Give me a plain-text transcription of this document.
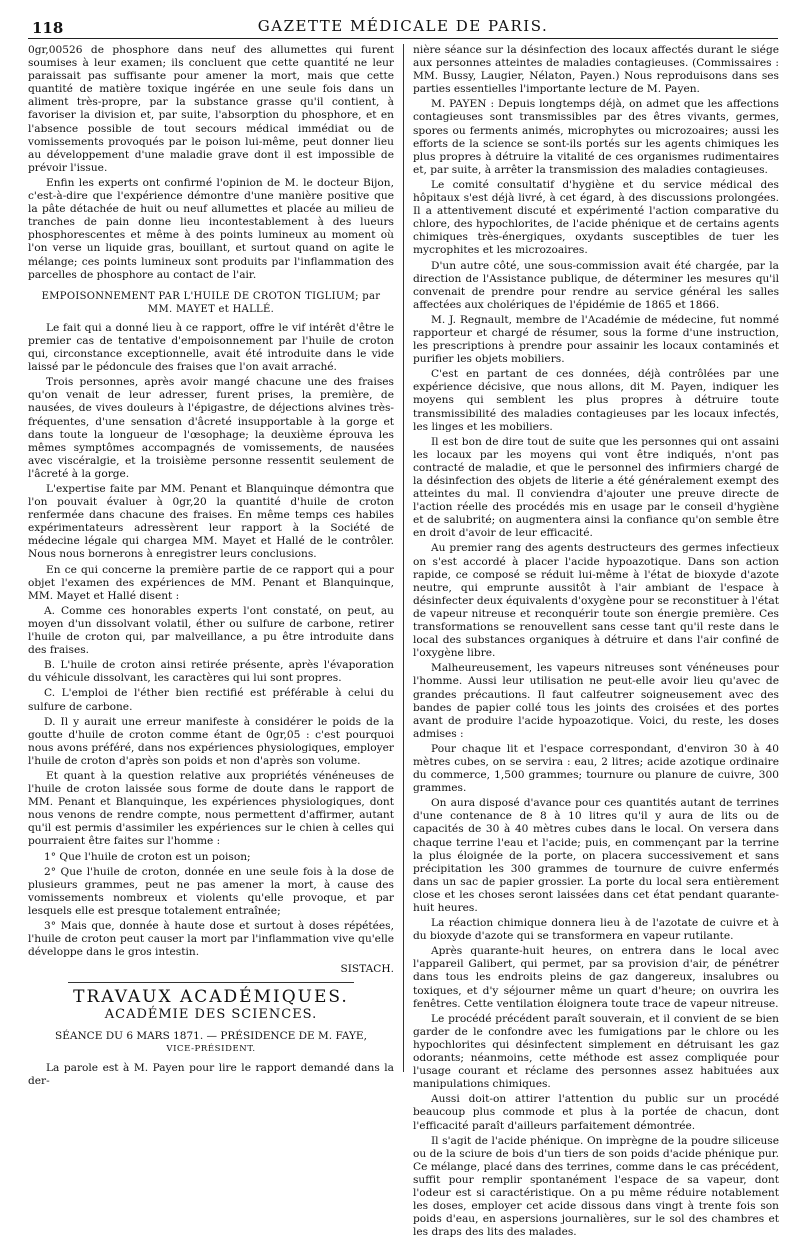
118	GAZETTE MÉDICALE DE PARIS.

0gr,00526 de phosphore dans neuf des allumettes qui furent soumises à leur examen; ils concluent que cette quantité ne leur paraissait pas suffisante pour amener la mort, mais que cette quantité de matière toxique ingérée en une seule fois dans un aliment très-propre, par la substance grasse qu'il contient, à favoriser la division et, par suite, l'absorption du phosphore, et en l'absence possible de tout secours médical immédiat ou de vomissements provoqués par le poison lui-même, peut donner lieu au développement d'une maladie grave dont il est impossible de prévoir l'issue.

Enfin les experts ont confirmé l'opinion de M. le docteur Bijon, c'est-à-dire que l'expérience démontre d'une manière positive que la pâte détachée de huit ou neuf allumettes et placée au milieu de tranches de pain donne lieu incontestablement à des lueurs phosphorescentes et même à des points lumineux au moment où l'on verse un liquide gras, bouillant, et surtout quand on agite le mélange; ces points lumineux sont produits par l'inflammation des parcelles de phosphore au contact de l'air.

EMPOISONNEMENT PAR L'HUILE DE CROTON TIGLIUM; par MM. MAYET et HALLÉ.

Le fait qui a donné lieu à ce rapport, offre le vif intérêt d'être le premier cas de tentative d'empoisonnement par l'huile de croton qui, circonstance exceptionnelle, avait été introduite dans le vide laissé par le pédoncule des fraises que l'on avait arraché.

Trois personnes, après avoir mangé chacune une des fraises qu'on venait de leur adresser, furent prises, la première, de nausées, de vives douleurs à l'épigastre, de déjections alvines très-fréquentes, d'une sensation d'âcreté insupportable à la gorge et dans toute la longueur de l'œsophage; la deuxième éprouva les mêmes symptômes accompagnés de vomissements, de nausées avec viscéralgie, et la troisième personne ressentit seulement de l'âcreté à la gorge.

L'expertise faite par MM. Penant et Blanquinque démontra que l'on pouvait évaluer à 0gr,20 la quantité d'huile de croton renfermée dans chacune des fraises. En même temps ces habiles expérimentateurs adressèrent leur rapport à la Société de médecine légale qui chargea MM. Mayet et Hallé de le contrôler. Nous nous bornerons à enregistrer leurs conclusions.

En ce qui concerne la première partie de ce rapport qui a pour objet l'examen des expériences de MM. Penant et Blanquinque, MM. Mayet et Hallé disent :

A. Comme ces honorables experts l'ont constaté, on peut, au moyen d'un dissolvant volatil, éther ou sulfure de carbone, retirer l'huile de croton qui, par malveillance, a pu être introduite dans des fraises.

B. L'huile de croton ainsi retirée présente, après l'évaporation du véhicule dissolvant, les caractères qui lui sont propres.

C. L'emploi de l'éther bien rectifié est préférable à celui du sulfure de carbone.

D. Il y aurait une erreur manifeste à considérer le poids de la goutte d'huile de croton comme étant de 0gr,05 : c'est pourquoi nous avons préféré, dans nos expériences physiologiques, employer l'huile de croton d'après son poids et non d'après son volume.

Et quant à la question relative aux propriétés vénéneuses de l'huile de croton laissée sous forme de doute dans le rapport de MM. Penant et Blanquinque, les expériences physiologiques, dont nous venons de rendre compte, nous permettent d'affirmer, autant qu'il est permis d'assimiler les expériences sur le chien à celles qui pourraient être faites sur l'homme :

1° Que l'huile de croton est un poison;

2° Que l'huile de croton, donnée en une seule fois à la dose de plusieurs grammes, peut ne pas amener la mort, à cause des vomissements nombreux et violents qu'elle provoque, et par lesquels elle est presque totalement entraînée;

3° Mais que, donnée à haute dose et surtout à doses répétées, l'huile de croton peut causer la mort par l'inflammation vive qu'elle développe dans le gros intestin.

SISTACH.
TRAVAUX ACADÉMIQUES.
ACADÉMIE DES SCIENCES.
SÉANCE DU 6 MARS 1871. — PRÉSIDENCE DE M. FAYE,
VICE-PRÉSIDENT.

La parole est à M. Payen pour lire le rapport demandé dans la der-

nière séance sur la désinfection des locaux affectés durant le siége aux personnes atteintes de maladies contagieuses. (Commissaires : MM. Bussy, Laugier, Nélaton, Payen.) Nous reproduisons dans ses parties essentielles l'importante lecture de M. Payen.

M. PAYEN : Depuis longtemps déjà, on admet que les affections contagieuses sont transmissibles par des êtres vivants, germes, spores ou ferments animés, microphytes ou microzoaires; aussi les efforts de la science se sont-ils portés sur les agents chimiques les plus propres à détruire la vitalité de ces organismes rudimentaires et, par suite, à arrêter la transmission des maladies contagieuses.

Le comité consultatif d'hygiène et du service médical des hôpitaux s'est déjà livré, à cet égard, à des discussions prolongées. Il a attentivement discuté et expérimenté l'action comparative du chlore, des hypochlorites, de l'acide phénique et de certains agents chimiques très-énergiques, oxydants susceptibles de tuer les mycrophites et les microzoaires.

D'un autre côté, une sous-commission avait été chargée, par la direction de l'Assistance publique, de déterminer les mesures qu'il convenait de prendre pour rendre au service général les salles affectées aux cholériques de l'épidémie de 1865 et 1866.

M. J. Regnault, membre de l'Académie de médecine, fut nommé rapporteur et chargé de résumer, sous la forme d'une instruction, les prescriptions à prendre pour assainir les locaux contaminés et purifier les objets mobiliers.

C'est en partant de ces données, déjà contrôlées par une expérience décisive, que nous allons, dit M. Payen, indiquer les moyens qui semblent les plus propres à détruire toute transmissibilité des maladies contagieuses par les locaux infectés, les linges et les mobiliers.

Il est bon de dire tout de suite que les personnes qui ont assaini les locaux par les moyens qui vont être indiqués, n'ont pas contracté de maladie, et que le personnel des infirmiers chargé de la désinfection des objets de literie a été généralement exempt des atteintes du mal. Il conviendra d'ajouter une preuve directe de l'action réelle des procédés mis en usage par le conseil d'hygiène et de salubrité; on augmentera ainsi la confiance qu'on semble être en droit d'avoir de leur efficacité.

Au premier rang des agents destructeurs des germes infectieux on s'est accordé à placer l'acide hypoazotique. Dans son action rapide, ce composé se réduit lui-même à l'état de bioxyde d'azote neutre, qui emprunte aussitôt à l'air ambiant de l'espace à désinfecter deux équivalents d'oxygène pour se reconstituer à l'état de vapeur nitreuse et reconquérir toute son énergie première. Ces transformations se renouvellent sans cesse tant qu'il reste dans le local des substances organiques à détruire et dans l'air confiné de l'oxygène libre.

Malheureusement, les vapeurs nitreuses sont vénéneuses pour l'homme. Aussi leur utilisation ne peut-elle avoir lieu qu'avec de grandes précautions. Il faut calfeutrer soigneusement avec des bandes de papier collé tous les joints des croisées et des portes avant de produire l'acide hypoazotique. Voici, du reste, les doses admises :

Pour chaque lit et l'espace correspondant, d'environ 30 à 40 mètres cubes, on se servira : eau, 2 litres; acide azotique ordinaire du commerce, 1,500 grammes; tournure ou planure de cuivre, 300 grammes.

On aura disposé d'avance pour ces quantités autant de terrines d'une contenance de 8 à 10 litres qu'il y aura de lits ou de capacités de 30 à 40 mètres cubes dans le local. On versera dans chaque terrine l'eau et l'acide; puis, en commençant par la terrine la plus éloignée de la porte, on placera successivement et sans précipitation les 300 grammes de tournure de cuivre enfermés dans un sac de papier grossier. La porte du local sera entièrement close et les choses seront laissées dans cet état pendant quarante-huit heures.

La réaction chimique donnera lieu à de l'azotate de cuivre et à du bioxyde d'azote qui se transformera en vapeur rutilante.

Après quarante-huit heures, on entrera dans le local avec l'appareil Galibert, qui permet, par sa provision d'air, de pénétrer dans tous les endroits pleins de gaz dangereux, insalubres ou toxiques, et d'y séjourner même un quart d'heure; on ouvrira les fenêtres. Cette ventilation éloignera toute trace de vapeur nitreuse.

Le procédé précédent paraît souverain, et il convient de se bien garder de le confondre avec les fumigations par le chlore ou les hypochlorites qui désinfectent simplement en détruisant les gaz odorants; néanmoins, cette méthode est assez compliquée pour l'usage courant et réclame des personnes assez habituées aux manipulations chimiques.

Aussi doit-on attirer l'attention du public sur un procédé beaucoup plus commode et plus à la portée de chacun, dont l'efficacité paraît d'ailleurs parfaitement démontrée.

Il s'agit de l'acide phénique. On imprègne de la poudre siliceuse ou de la sciure de bois d'un tiers de son poids d'acide phénique pur. Ce mélange, placé dans des terrines, comme dans le cas précédent, suffit pour remplir spontanément l'espace de sa vapeur, dont l'odeur est si caractéristique. On a pu même réduire notablement les doses, employer cet acide dissous dans vingt à trente fois son poids d'eau, en aspersions journalières, sur le sol des chambres et les draps des lits des malades.
